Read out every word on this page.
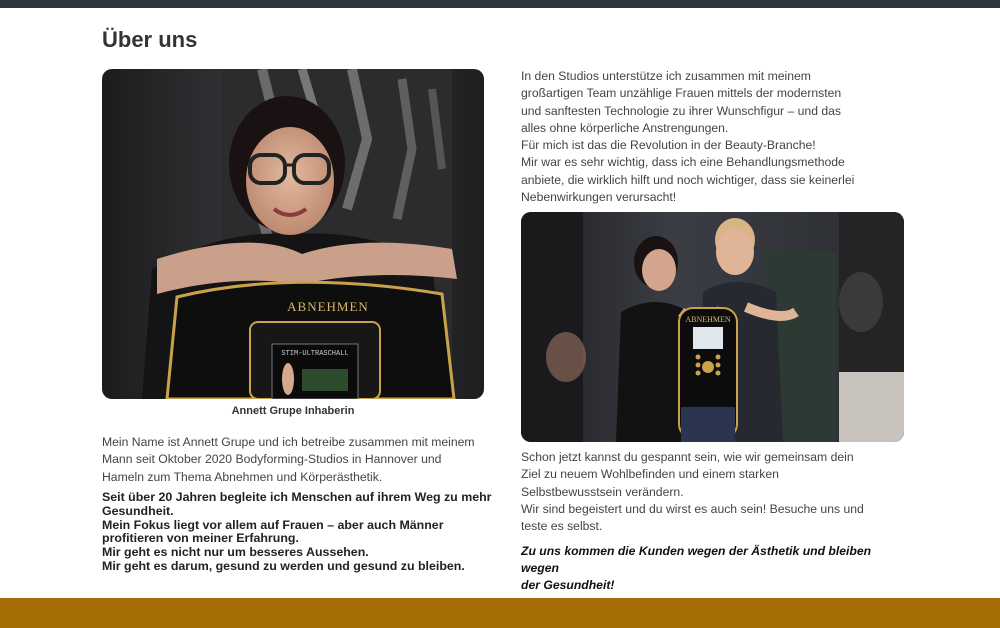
Über uns
ABNEHMEN
STIM-ULTRASCHALL
Annett Grupe Inhaberin

Mein Name ist Annett Grupe und ich betreibe zusammen mit meinem
Mann seit Oktober 2020 Bodyforming-Studios in Hannover und
Hameln zum Thema Abnehmen und Körperästhetik.

Seit über 20 Jahren begleite ich Menschen auf ihrem Weg zu mehr
Gesundheit.
Mein Fokus liegt vor allem auf Frauen – aber auch Männer
profitieren von meiner Erfahrung.
Mir geht es nicht nur um besseres Aussehen.
Mir geht es darum, gesund zu werden und gesund zu bleiben.

In den Studios unterstütze ich zusammen mit meinem
großartigen Team unzählige Frauen mittels der modernsten
und sanftesten Technologie zu ihrer Wunschfigur – und das
alles ohne körperliche Anstrengungen.
Für mich ist das die Revolution in der Beauty-Branche!
Mir war es sehr wichtig, dass ich eine Behandlungsmethode
anbiete, die wirklich hilft und noch wichtiger, dass sie keinerlei
Nebenwirkungen verursacht!

ABNEHMEN

Schon jetzt kannst du gespannt sein, wie wir gemeinsam dein
Ziel zu neuem Wohlbefinden und einem starken
Selbstbewusstsein verändern.
Wir sind begeistert und du wirst es auch sein! Besuche uns und
teste es selbst.

Zu uns kommen die Kunden wegen der Ästhetik und bleiben wegen
der Gesundheit!
